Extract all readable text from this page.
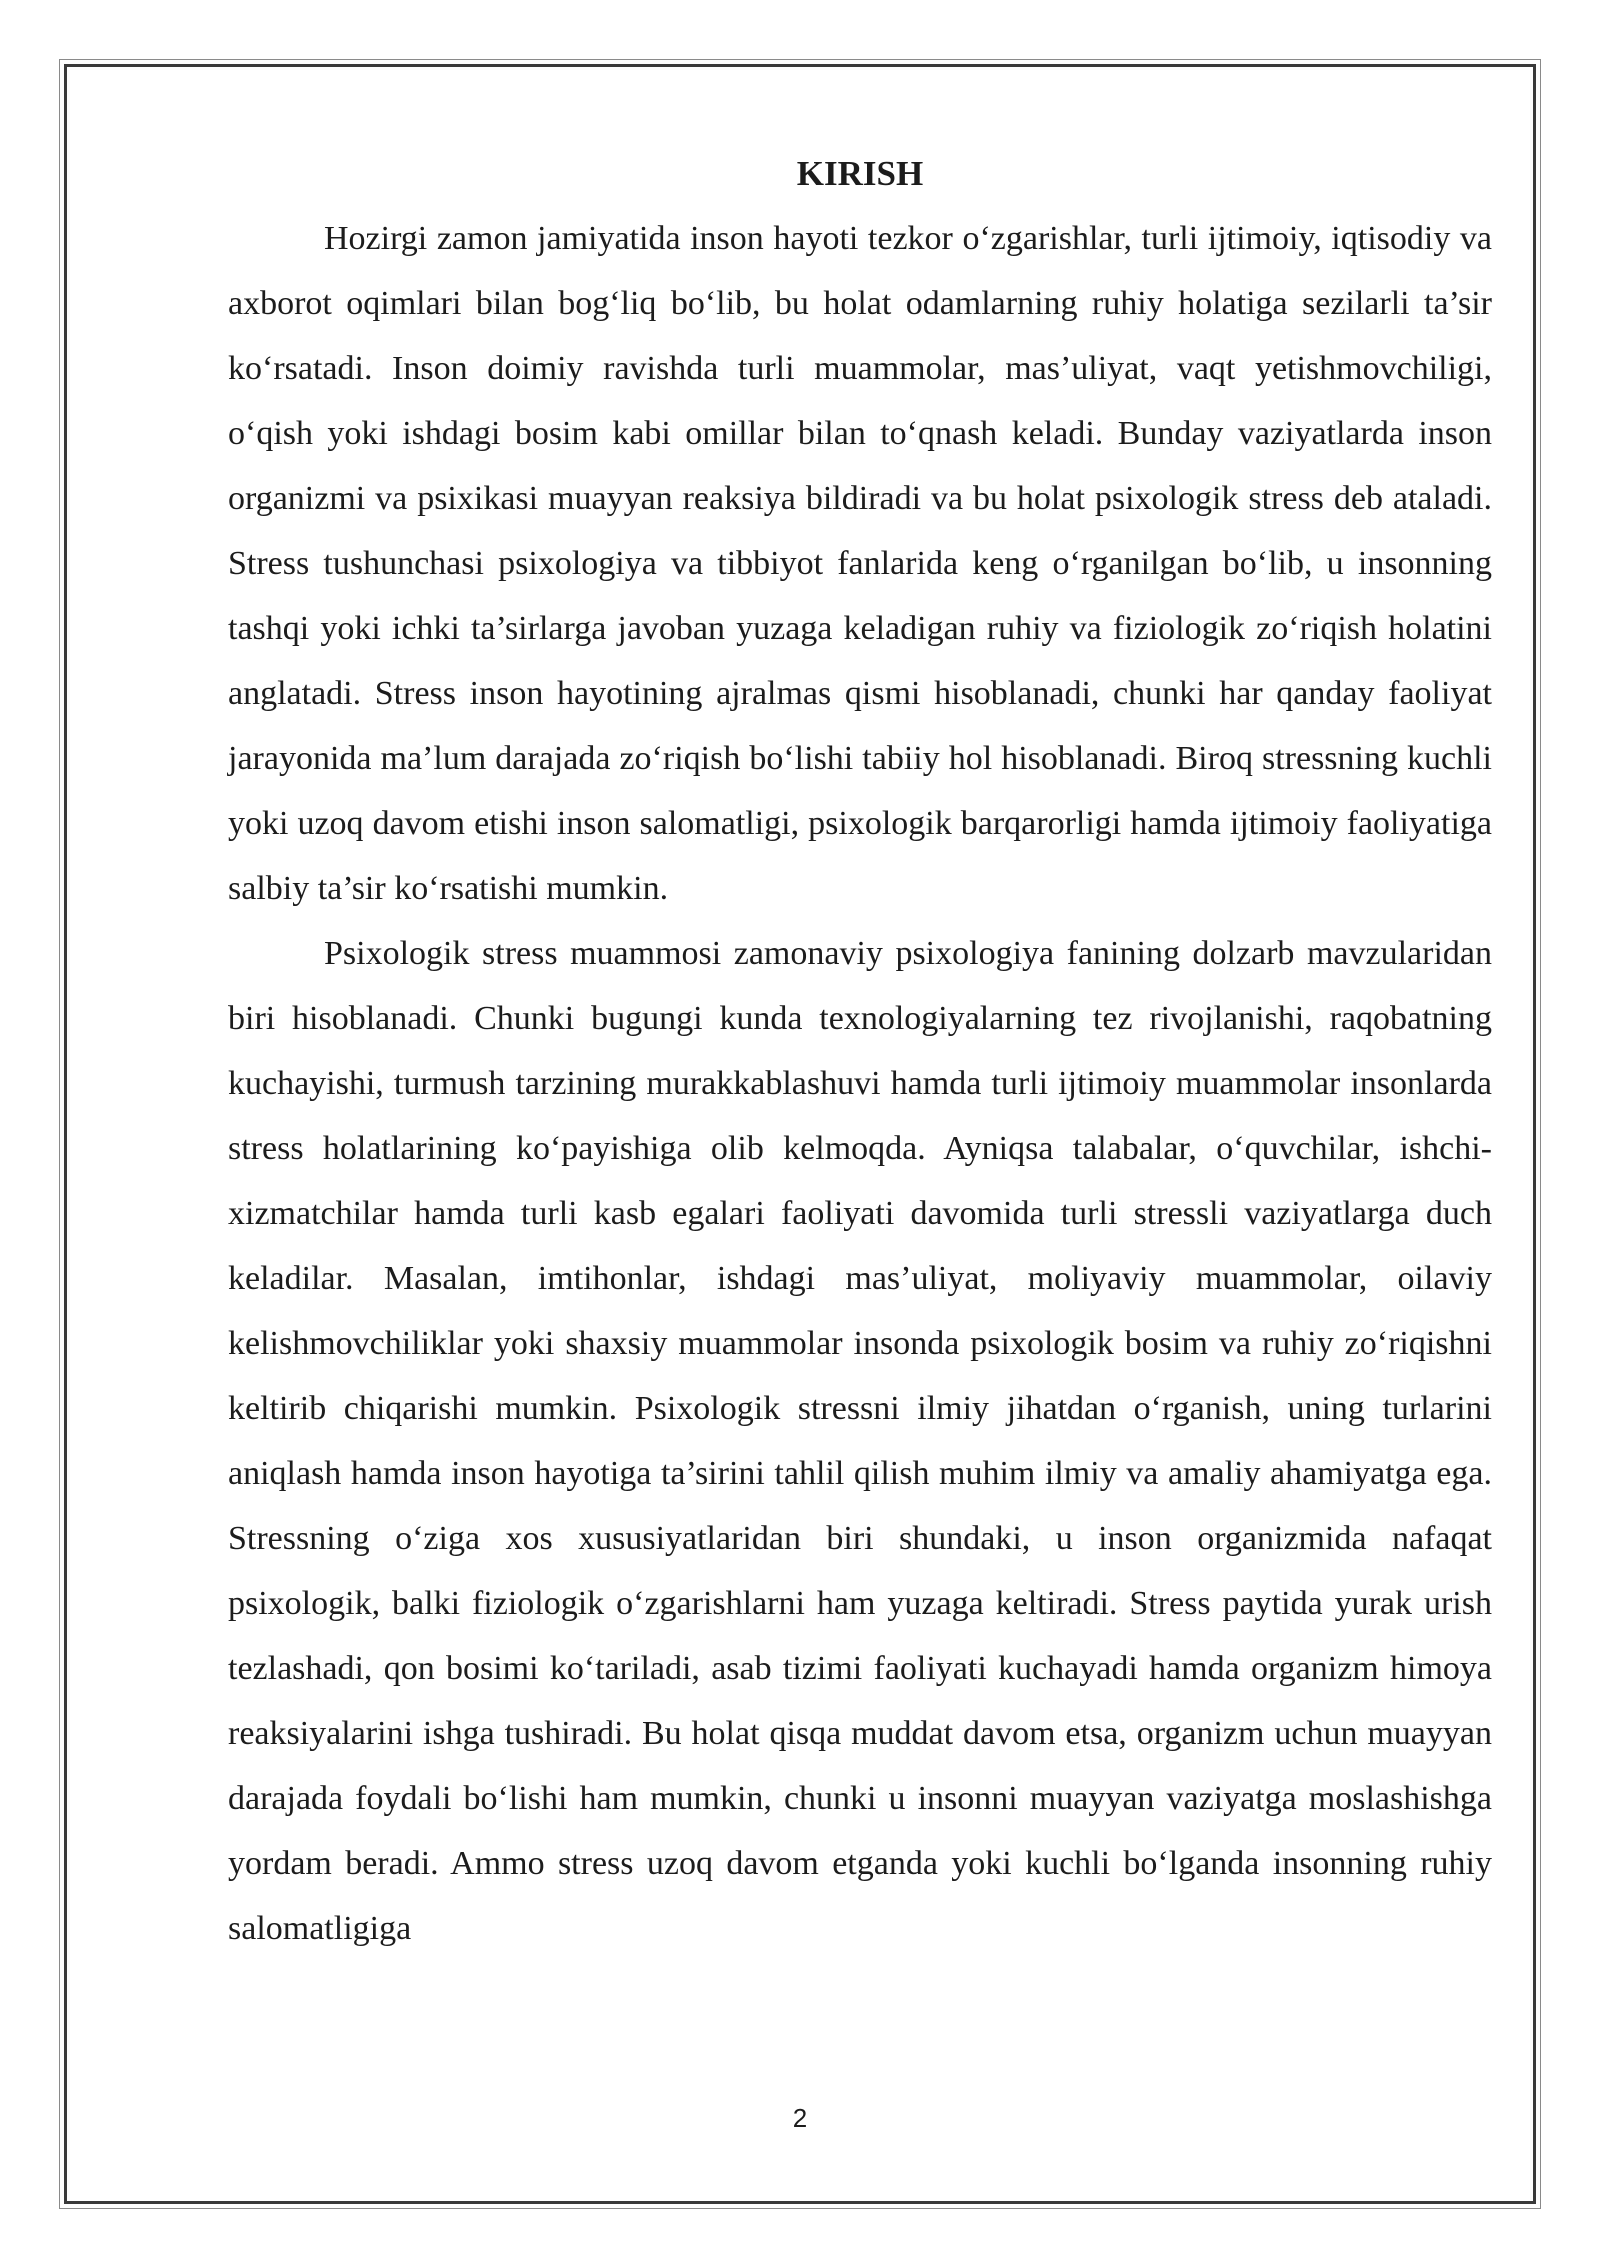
KIRISH

Hozirgi zamon jamiyatida inson hayoti tezkor o‘zgarishlar, turli ijtimoiy, iqtisodiy va axborot oqimlari bilan bog‘liq bo‘lib, bu holat odamlarning ruhiy holatiga sezilarli ta’sir ko‘rsatadi. Inson doimiy ravishda turli muammolar, mas’uliyat, vaqt yetishmovchiligi, o‘qish yoki ishdagi bosim kabi omillar bilan to‘qnash keladi. Bunday vaziyatlarda inson organizmi va psixikasi muayyan reaksiya bildiradi va bu holat psixologik stress deb ataladi. Stress tushunchasi psixologiya va tibbiyot fanlarida keng o‘rganilgan bo‘lib, u insonning tashqi yoki ichki ta’sirlarga javoban yuzaga keladigan ruhiy va fiziologik zo‘riqish holatini anglatadi. Stress inson hayotining ajralmas qismi hisoblanadi, chunki har qanday faoliyat jarayonida ma’lum darajada zo‘riqish bo‘lishi tabiiy hol hisoblanadi. Biroq stressning kuchli yoki uzoq davom etishi inson salomatligi, psixologik barqarorligi hamda ijtimoiy faoliyatiga salbiy ta’sir ko‘rsatishi mumkin.

Psixologik stress muammosi zamonaviy psixologiya fanining dolzarb mavzularidan biri hisoblanadi. Chunki bugungi kunda texnologiyalarning tez rivojlanishi, raqobatning kuchayishi, turmush tarzining murakkablashuvi hamda turli ijtimoiy muammolar insonlarda stress holatlarining ko‘payishiga olib kelmoqda. Ayniqsa talabalar, o‘quvchilar, ishchi-xizmatchilar hamda turli kasb egalari faoliyati davomida turli stressli vaziyatlarga duch keladilar. Masalan, imtihonlar, ishdagi mas’uliyat, moliyaviy muammolar, oilaviy kelishmovchiliklar yoki shaxsiy muammolar insonda psixologik bosim va ruhiy zo‘riqishni keltirib chiqarishi mumkin. Psixologik stressni ilmiy jihatdan o‘rganish, uning turlarini aniqlash hamda inson hayotiga ta’sirini tahlil qilish muhim ilmiy va amaliy ahamiyatga ega. Stressning o‘ziga xos xususiyatlaridan biri shundaki, u inson organizmida nafaqat psixologik, balki fiziologik o‘zgarishlarni ham yuzaga keltiradi. Stress paytida yurak urish tezlashadi, qon bosimi ko‘tariladi, asab tizimi faoliyati kuchayadi hamda organizm himoya reaksiyalarini ishga tushiradi. Bu holat qisqa muddat davom etsa, organizm uchun muayyan darajada foydali bo‘lishi ham mumkin, chunki u insonni muayyan vaziyatga moslashishga yordam beradi. Ammo stress uzoq davom etganda yoki kuchli bo‘lganda insonning ruhiy salomatligiga

2
